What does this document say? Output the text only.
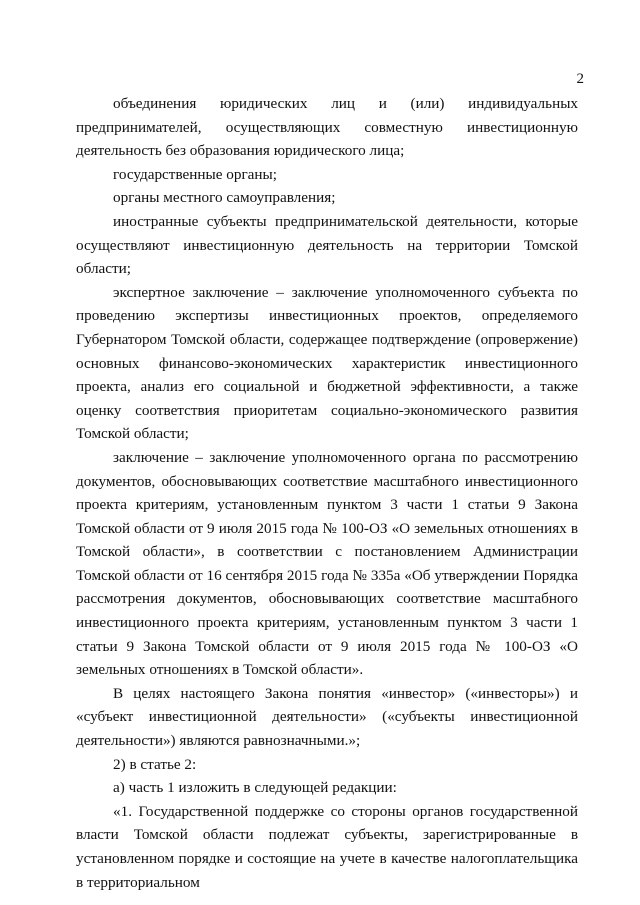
2

объединения юридических лиц и (или) индивидуальных предпринимателей, осуществляющих совместную инвестиционную деятельность без образования юридического лица;

государственные органы;

органы местного самоуправления;

иностранные субъекты предпринимательской деятельности, которые осуществляют инвестиционную деятельность на территории Томской области;

экспертное заключение – заключение уполномоченного субъекта по проведению экспертизы инвестиционных проектов, определяемого Губернатором Томской области, содержащее подтверждение (опровержение) основных финансово-экономических характеристик инвестиционного проекта, анализ его социальной и бюджетной эффективности, а также оценку соответствия приоритетам социально-экономического развития Томской области;

заключение – заключение уполномоченного органа по рассмотрению документов, обосновывающих соответствие масштабного инвестиционного проекта критериям, установленным пунктом 3 части 1 статьи 9 Закона Томской области от 9 июля 2015 года № 100-ОЗ «О земельных отношениях в Томской области», в соответствии с постановлением Администрации Томской области от 16 сентября 2015 года № 335а «Об утверждении Порядка рассмотрения документов, обосновывающих соответствие масштабного инвестиционного проекта критериям, установленным пунктом 3 части 1 статьи 9 Закона Томской области от 9 июля 2015 года № 100-ОЗ «О земельных отношениях в Томской области».

В целях настоящего Закона понятия «инвестор» («инвесторы») и «субъект инвестиционной деятельности» («субъекты инвестиционной деятельности») являются равнозначными.»;

2) в статье 2:

а) часть 1 изложить в следующей редакции:

«1. Государственной поддержке со стороны органов государственной власти Томской области подлежат субъекты, зарегистрированные в установленном порядке и состоящие на учете в качестве налогоплательщика в территориальном
